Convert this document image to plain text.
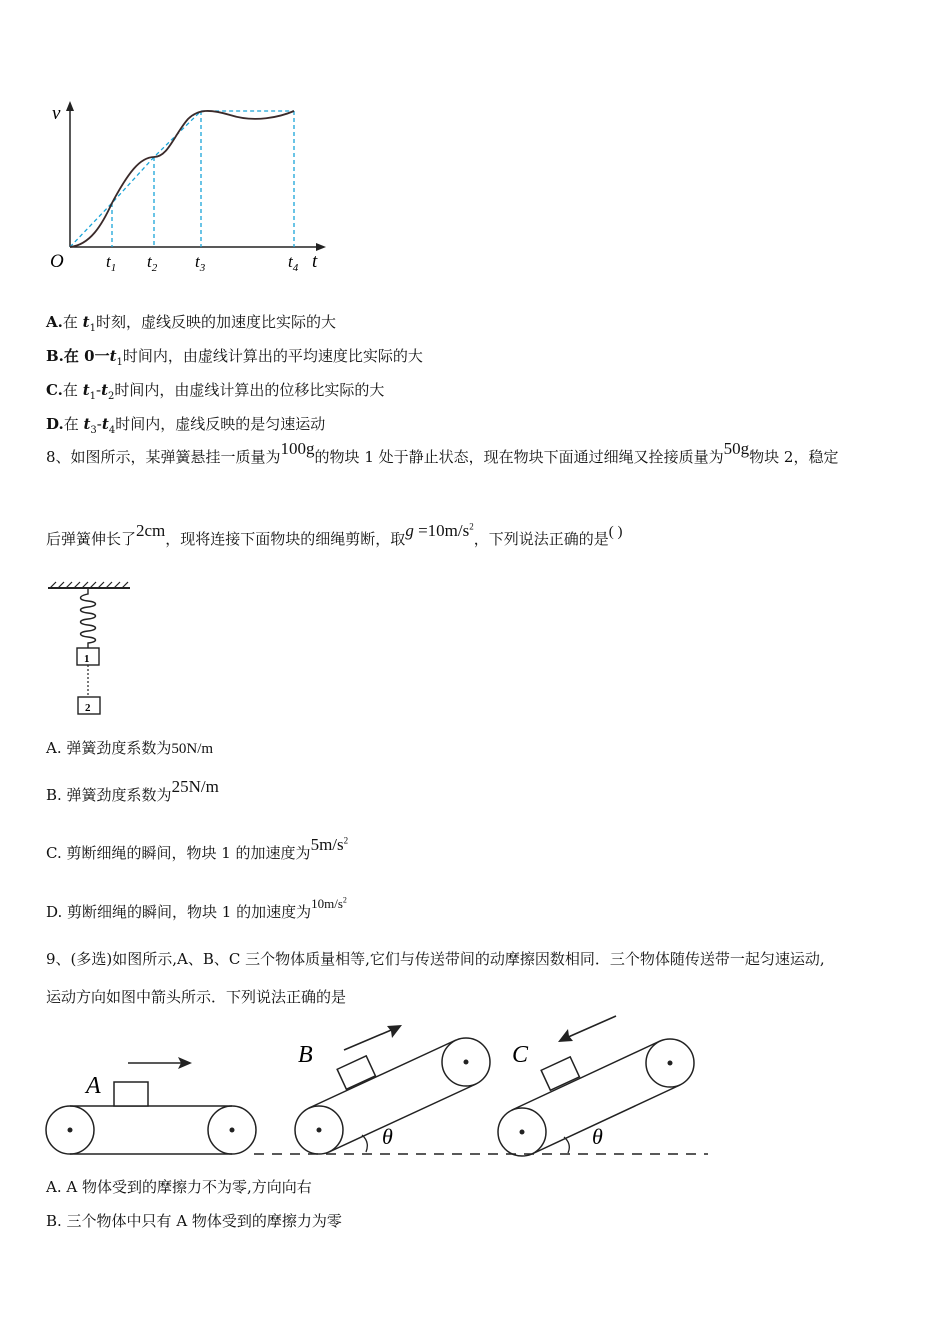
v
t
O $t_1$ $t_2$ $t_3$	$t_4$
A.在 $t_1$时刻，虚线反映的加速度比实际的大
B.在 0一$t_1$时间内，由虚线计算出的平均速度比实际的大
C.在 $t_1-t_2$时间内，由虚线计算出的位移比实际的大
D.在 $t_3-t_4$时间内，虚线反映的是匀速运动
8、如图所示，某弹簧悬挂一质量为100g的物块 1 处于静止状态，现在物块下面通过细绳又拴接质量为50g物块 2，稳定
后弹簧伸长了2cm，现将连接下面物块的细绳剪断，取$g =10m/s^2$，下列说法正确的是( )
1
2
A. 弹簧劲度系数为50N/m
B. 弹簧劲度系数为25N/m
C. 剪断细绳的瞬间，物块 1 的加速度为$5m/s^2$
D. 剪断细绳的瞬间，物块 1 的加速度为$10m/s^2$
9、(多选)如图所示,A、B、C 三个物体质量相等,它们与传送带间的动摩擦因数相同．三个物体随传送带一起匀速运动,
运动方向如图中箭头所示．下列说法正确的是
A
B
θ
C
θ
A. A 物体受到的摩擦力不为零,方向向右
B. 三个物体中只有 A 物体受到的摩擦力为零
